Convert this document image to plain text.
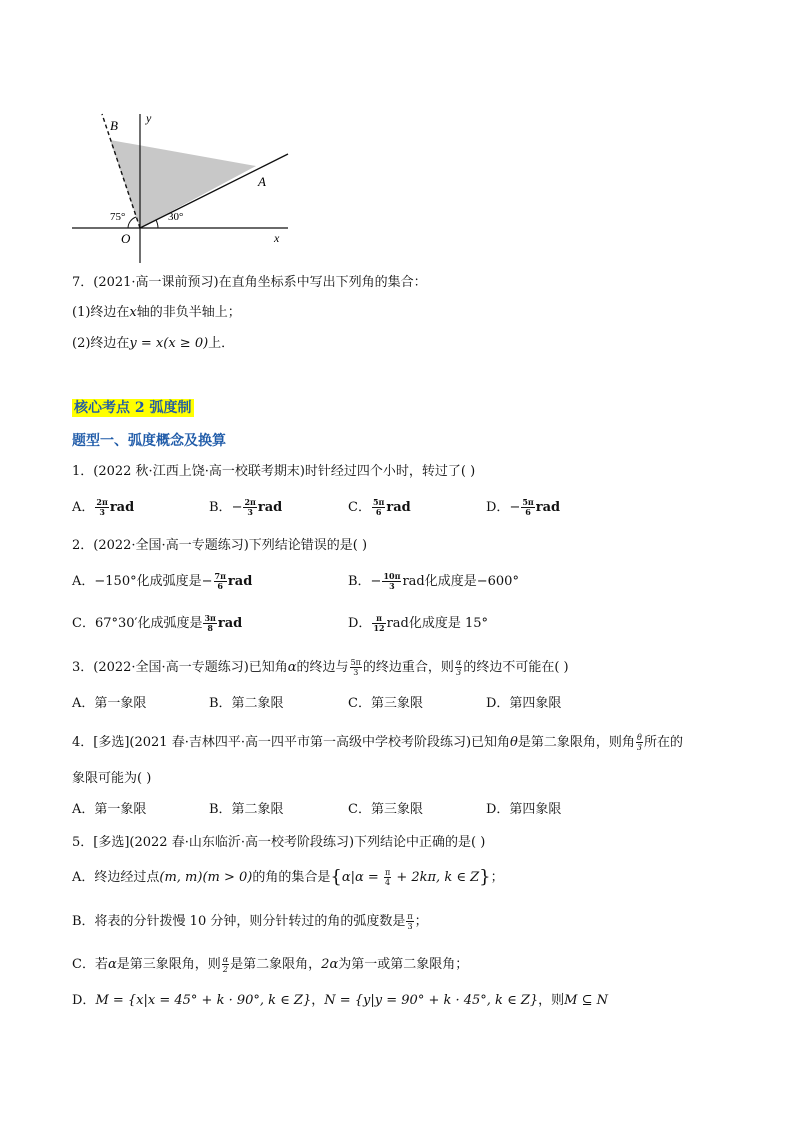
B y
A
O	x
75°	30°
7．(2021·高一课前预习)在直角坐标系中写出下列角的集合：
(1)终边在x轴的非负半轴上；
(2)终边在y = x(x ≥ 0)上．
核心考点 2 弧度制
题型一、弧度概念及换算
1．(2022 秋·江西上饶·高一校联考期末)时针经过四个小时，转过了( )
A． $\frac{2\pi}{3}$ rad	B．− $\frac{2\pi}{3}$ rad	C． $\frac{5\pi}{6}$ rad	D．− $\frac{5\pi}{6}$ rad
2．(2022·全国·高一专题练习)下列结论错误的是( )
A．−150°化成弧度是− $\frac{7\pi}{6}$ rad	B．− $\frac{10\pi}{3}$ rad化成度是−600°
C．67°30′化成弧度是 $\frac{3\pi}{8}$ rad	D． $\frac{\pi}{12}$ rad化成度是 15°
3．(2022·全国·高一专题练习)已知角α的终边与 $\frac{5\pi}{3}$ 的终边重合，则 $\frac{\alpha}{3}$ 的终边不可能在( )
A．第一象限	B．第二象限	C．第三象限	D．第四象限
4．[多选](2021 春·吉林四平·高一四平市第一高级中学校考阶段练习)已知角θ是第二象限角，则角 $\frac{\theta}{3}$ 所在的
象限可能为( )
A．第一象限	B．第二象限	C．第三象限	D．第四象限
5．[多选](2022 春·山东临沂·高一校考阶段练习)下列结论中正确的是( )
A．终边经过点(m, m)(m > 0)的角的集合是{$\alpha|\alpha = \frac{\pi}{4} + 2k\pi$, k ∈ Z}；
B．将表的分针拨慢 10 分钟，则分针转过的角的弧度数是 $\frac{\pi}{3}$ ；
C．若α是第三象限角，则 $\frac{\alpha}{2}$ 是第二象限角，2α为第一或第二象限角；
D．M = {x|x = 45° + k · 90°, k ∈ Z}，N = {y|y = 90° + k · 45°, k ∈ Z}，则M ⊆ N
